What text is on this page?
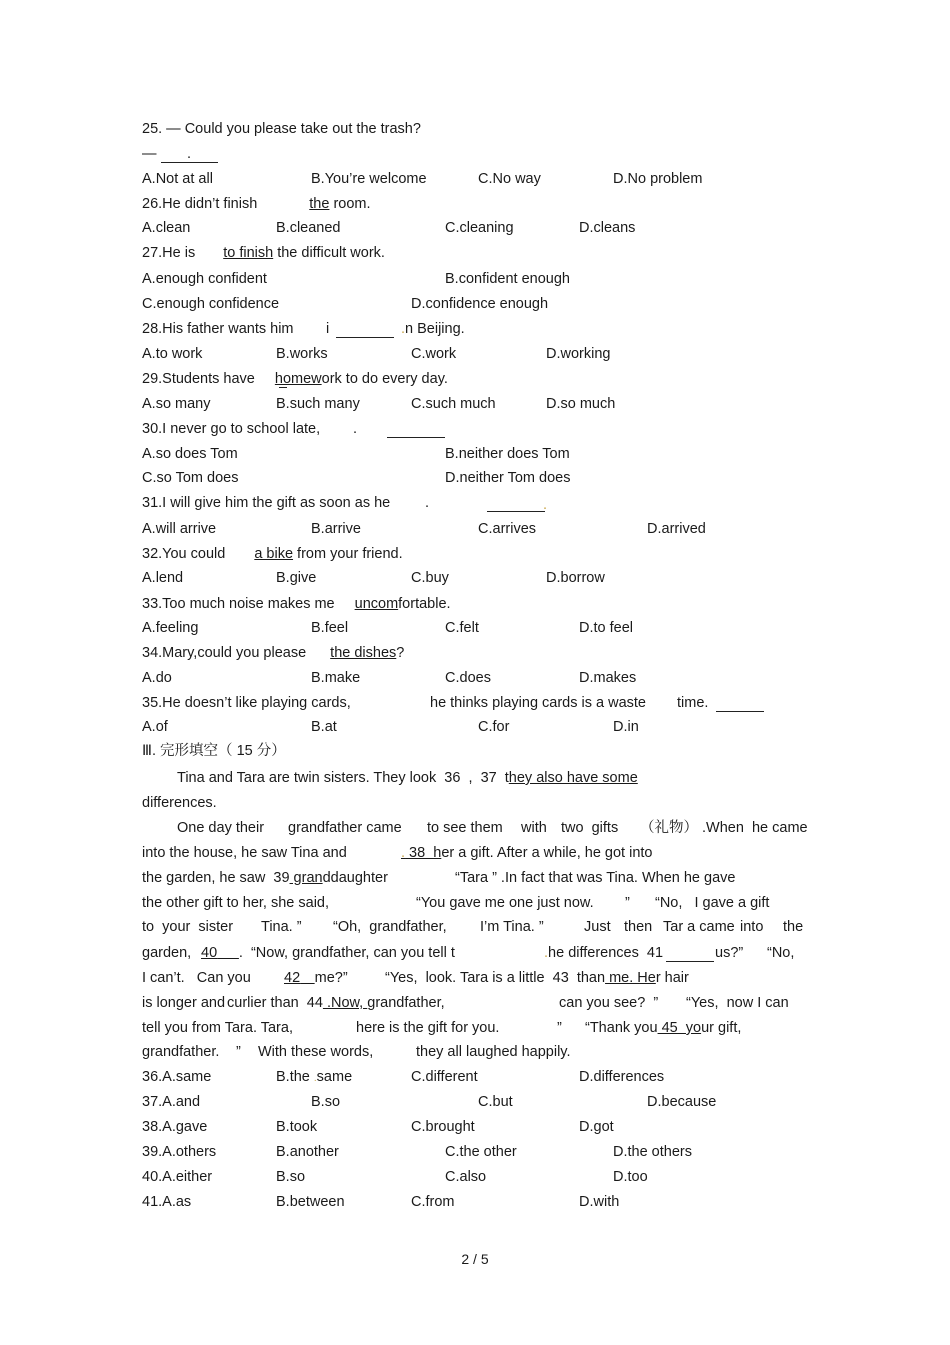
25. — Could you please take out the trash?
— .
A.Not at all	B.You’re welcome	C.No way	D.No problem
26.He didn’t finish	the room.
A.clean	B.cleaned	C.cleaning	D.cleans
27.He is to finish the difficult work.
A.enough confident	B.confident enough
C.enough confidence	D.confidence enough
28.His father wants him i	.n Beijing.
A.to work	B.works	C.work	D.working
29.Students have homework to do every day.
A.so many	B.such many	C.such much	D.so much
30.I never go to school late, .
A.so does Tom	B.neither does Tom
C.so Tom does	D.neither Tom does
31.I will give him the gift as soon as he .	.
A.will arrive	B.arrive	C.arrives	D.arrived
32.You could a bike from your friend.
A.lend	B.give	C.buy	D.borrow
33.Too much noise makes me uncomfortable.
A.feeling	B.feel	C.felt	D.to feel
34.Mary,could you please the dishes?
A.do	B.make	C.does	D.makes
35.He doesn’t like playing cards,	he thinks playing cards is a waste time.
A.of	B.at	C.for	D.in
Ⅲ. 完形填空（ 15 分）
Tina and Tara are twin sisters. They look  36  ,  37  they also have some
differences.
One day their grandfather came to see them with two  gifts （礼物） .When  he came
into the house, he saw Tina and	. 38  her a gift. After a while, he got into
the garden, he saw  39 granddaughter	“Tara ” .In fact that was Tina. When he gave
the other gift to her, she said,	“You gave me one just now. ” “No,   I gave a gift
to  your  sister Tina. ” “Oh,  grandfather, I’m Tina. ”	Just then Tar a came into the
garden, 40   .  “Now, grandfather, can you tell t	.he differences  41	us?” “No,
I can’t.   Can you 42  me?”	“Yes,  look. Tara is a little  43  than me. Her hair
is longer and curlier than  44 .Now, grandfather,	can you see?  ” “Yes,  now I can
tell you from Tara. Tara,	here is the gift for you.	” “Thank you 45  your gift,
grandfather. ” With these words,	they all laughed happily.
36.A.same	B.the .same	C.different	D.differences
37.A.and	B.so	C.but	D.because
38.A.gave	B.took	C.brought	D.got
39.A.others	B.another	C.the other	D.the others
40.A.either	B.so	C.also	D.too
41.A.as	B.between	C.from	D.with
2 / 5
